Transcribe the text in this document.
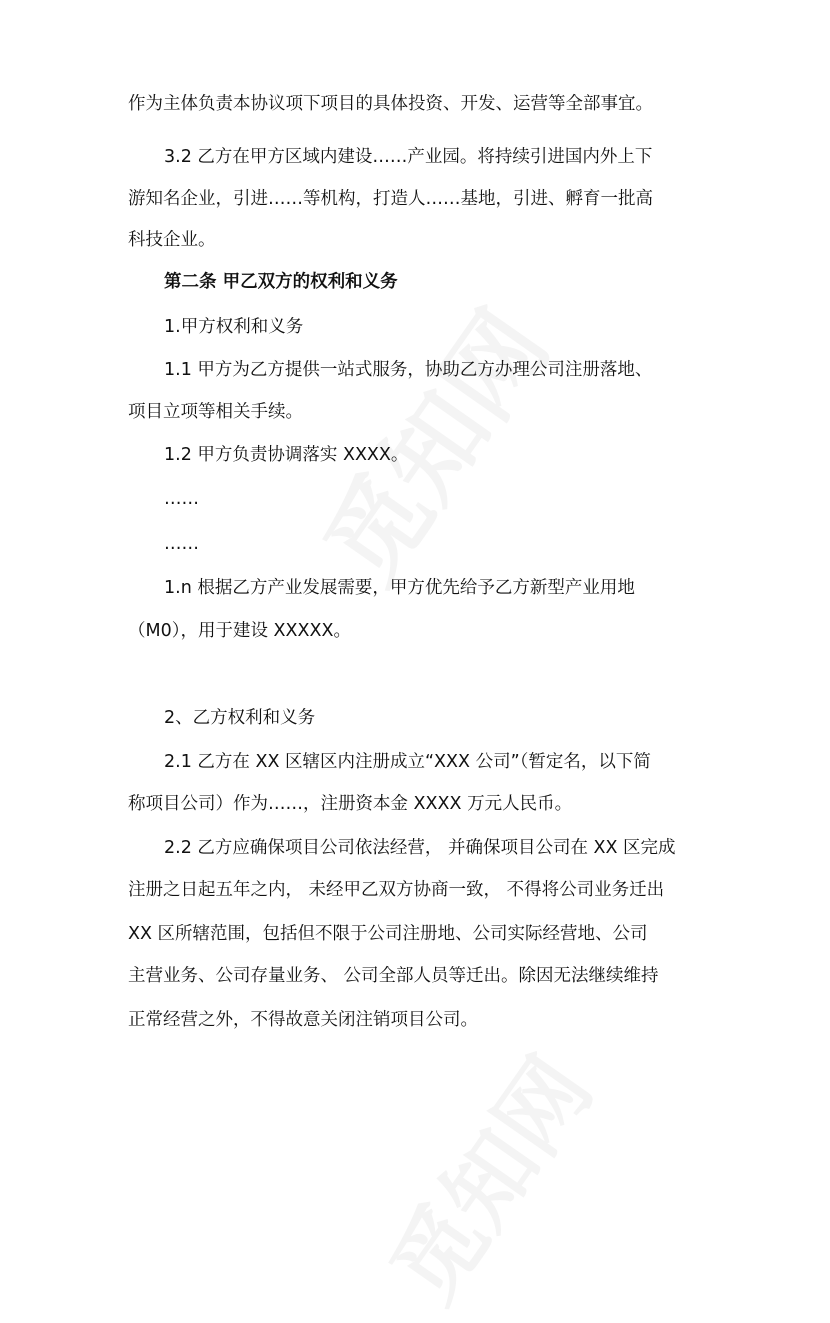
作为主体负责本协议项下项目的具体投资、开发、运营等全部事宜。

3.2 乙方在甲方区域内建设……产业园。将持续引进国内外上下

游知名企业，引进……等机构，打造人……基地，引进、孵育一批高

科技企业。

第二条 甲乙双方的权利和义务

1.甲方权利和义务

1.1 甲方为乙方提供一站式服务，协助乙方办理公司注册落地、

项目立项等相关手续。

1.2 甲方负责协调落实 XXXX。

……

……

1.n 根据乙方产业发展需要，甲方优先给予乙方新型产业用地

（M0），用于建设 XXXXX。

2、乙方权利和义务

2.1 乙方在 XX 区辖区内注册成立“XXX 公司”（暂定名，以下简

称项目公司）作为……，注册资本金 XXXX 万元人民币。

2.2 乙方应确保项目公司依法经营， 并确保项目公司在 XX 区完成

注册之日起五年之内， 未经甲乙双方协商一致， 不得将公司业务迁出

XX 区所辖范围，包括但不限于公司注册地、公司实际经营地、公司

主营业务、公司存量业务、 公司全部人员等迁出。除因无法继续维持

正常经营之外，不得故意关闭注销项目公司。
